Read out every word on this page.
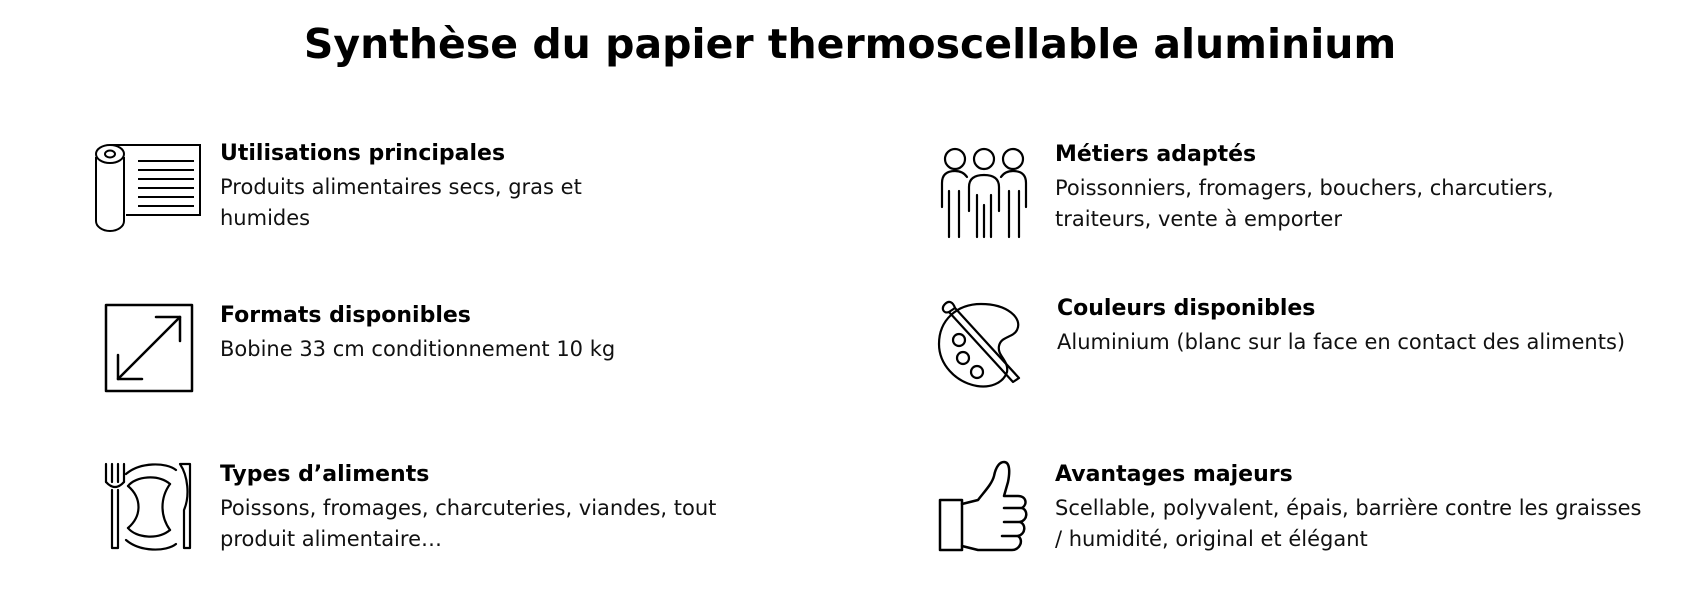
Synthèse du papier thermoscellable aluminium
Utilisations principales
Produits alimentaires secs, gras et humides
Métiers adaptés
Poissonniers, fromagers, bouchers, charcutiers, traiteurs, vente à emporter
Formats disponibles
Bobine 33 cm conditionnement 10 kg
Couleurs disponibles
Aluminium (blanc sur la face en contact des aliments)
Types d’aliments
Poissons, fromages, charcuteries, viandes, tout produit alimentaire…
Avantages majeurs
Scellable, polyvalent, épais, barrière contre les graisses / humidité, original et élégant
